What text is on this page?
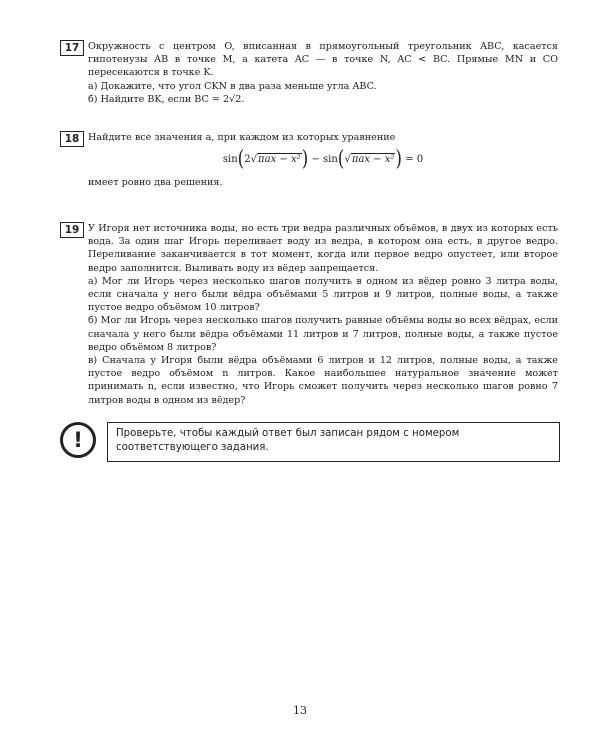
17 Окружность с центром O, вписанная в прямоугольный треугольник ABC, касается гипотенузы AB в точке M, а катета AC — в точке N, AC < BC. Прямые MN и CO пересекаются в точке K.

а) Докажите, что угол CKN в два раза меньше угла ABC.

б) Найдите BK, если BC = 2√2.

18 Найдите все значения a, при каждом из которых уравнение

sin(2√πax − x²) − sin(√πax − x²) = 0

имеет ровно два решения.

19 У Игоря нет источника воды, но есть три ведра различных объёмов, в двух из которых есть вода. За один шаг Игорь переливает воду из ведра, в котором она есть, в другое ведро. Переливание заканчивается в тот момент, когда или первое ведро опустеет, или второе ведро заполнится. Выливать воду из вёдер запрещается.

а) Мог ли Игорь через несколько шагов получить в одном из вёдер ровно 3 литра воды, если сначала у него были вёдра объёмами 5 литров и 9 литров, полные воды, а также пустое ведро объёмом 10 литров?

б) Мог ли Игорь через несколько шагов получить равные объёмы воды во всех вёдрах, если сначала у него были вёдра объёмами 11 литров и 7 литров, полные воды, а также пустое ведро объёмом 8 литров?

в) Сначала у Игоря были вёдра объёмами 6 литров и 12 литров, полные воды, а также пустое ведро объёмом n литров. Какое наибольшее натуральное значение может принимать n, если известно, что Игорь сможет получить через несколько шагов ровно 7 литров воды в одном из вёдер?

!	Проверьте, чтобы каждый ответ был записан рядом с номером соответствующего задания.
13
